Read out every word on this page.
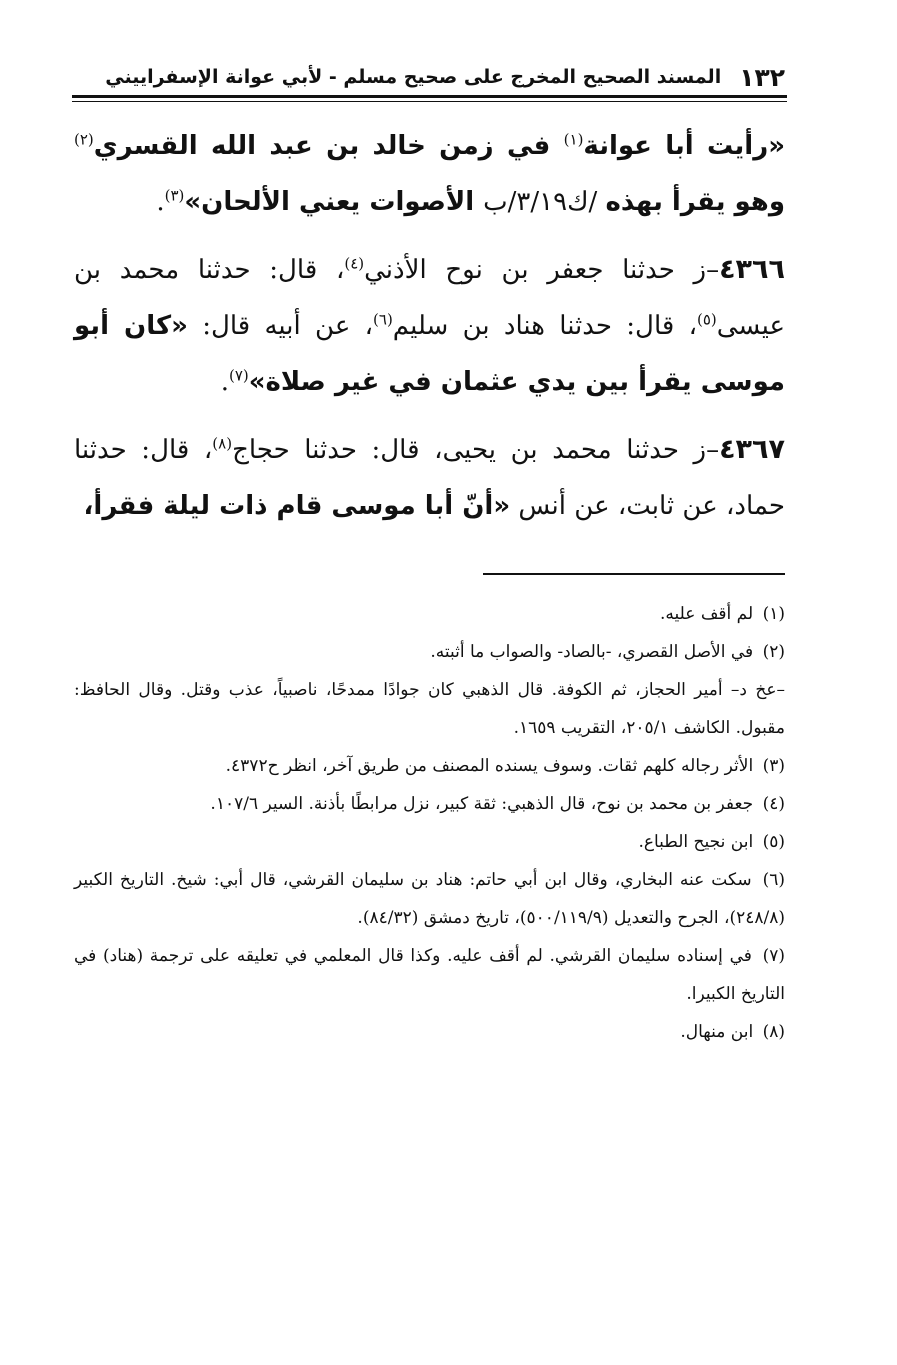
١٣٢
المسند الصحيح المخرج على صحيح مسلم - لأبي عوانة الإسفراييني

«رأيت أبا عوانة$^{(١)}$ في زمن خالد بن عبد الله القسري$^{(٢)}$ وهو يقرأ بهذه /ك٣/١٩/ب الأصوات يعني الألحان»$^{(٣)}$.

٤٣٦٦–ز حدثنا جعفر بن نوح الأذني$^{(٤)}$، قال: حدثنا محمد بن عيسى$^{(٥)}$، قال: حدثنا هناد بن سليم$^{(٦)}$، عن أبيه قال: «كان أبو موسى يقرأ بين يدي عثمان في غير صلاة»$^{(٧)}$.

٤٣٦٧–ز حدثنا محمد بن يحيى، قال: حدثنا حجاج$^{(٨)}$، قال: حدثنا حماد، عن ثابت، عن أنس «أنّ أبا موسى قام ذات ليلة فقرأ،

(١) لم أقف عليه.

(٢) في الأصل القصري، -بالصاد- والصواب ما أثبته.

–عخ د– أمير الحجاز، ثم الكوفة. قال الذهبي كان جوادًا ممدحًا، ناصبياً، عذب وقتل. وقال الحافظ: مقبول. الكاشف ٢٠٥/١، التقريب ١٦٥٩.

(٣) الأثر رجاله كلهم ثقات. وسوف يسنده المصنف من طريق آخر، انظر ح٤٣٧٢.

(٤) جعفر بن محمد بن نوح، قال الذهبي: ثقة كبير، نزل مرابطًا بأذنة. السير ١٠٧/٦.

(٥) ابن نجيح الطباع.

(٦) سكت عنه البخاري، وقال ابن أبي حاتم: هناد بن سليمان القرشي، قال أبي: شيخ. التاريخ الكبير (٢٤٨/٨)، الجرح والتعديل (٥٠٠/١١٩/٩)، تاريخ دمشق (٨٤/٣٢).

(٧) في إسناده سليمان القرشي. لم أقف عليه. وكذا قال المعلمي في تعليقه على ترجمة (هناد) في التاريخ الكبيرا.

(٨) ابن منهال.
